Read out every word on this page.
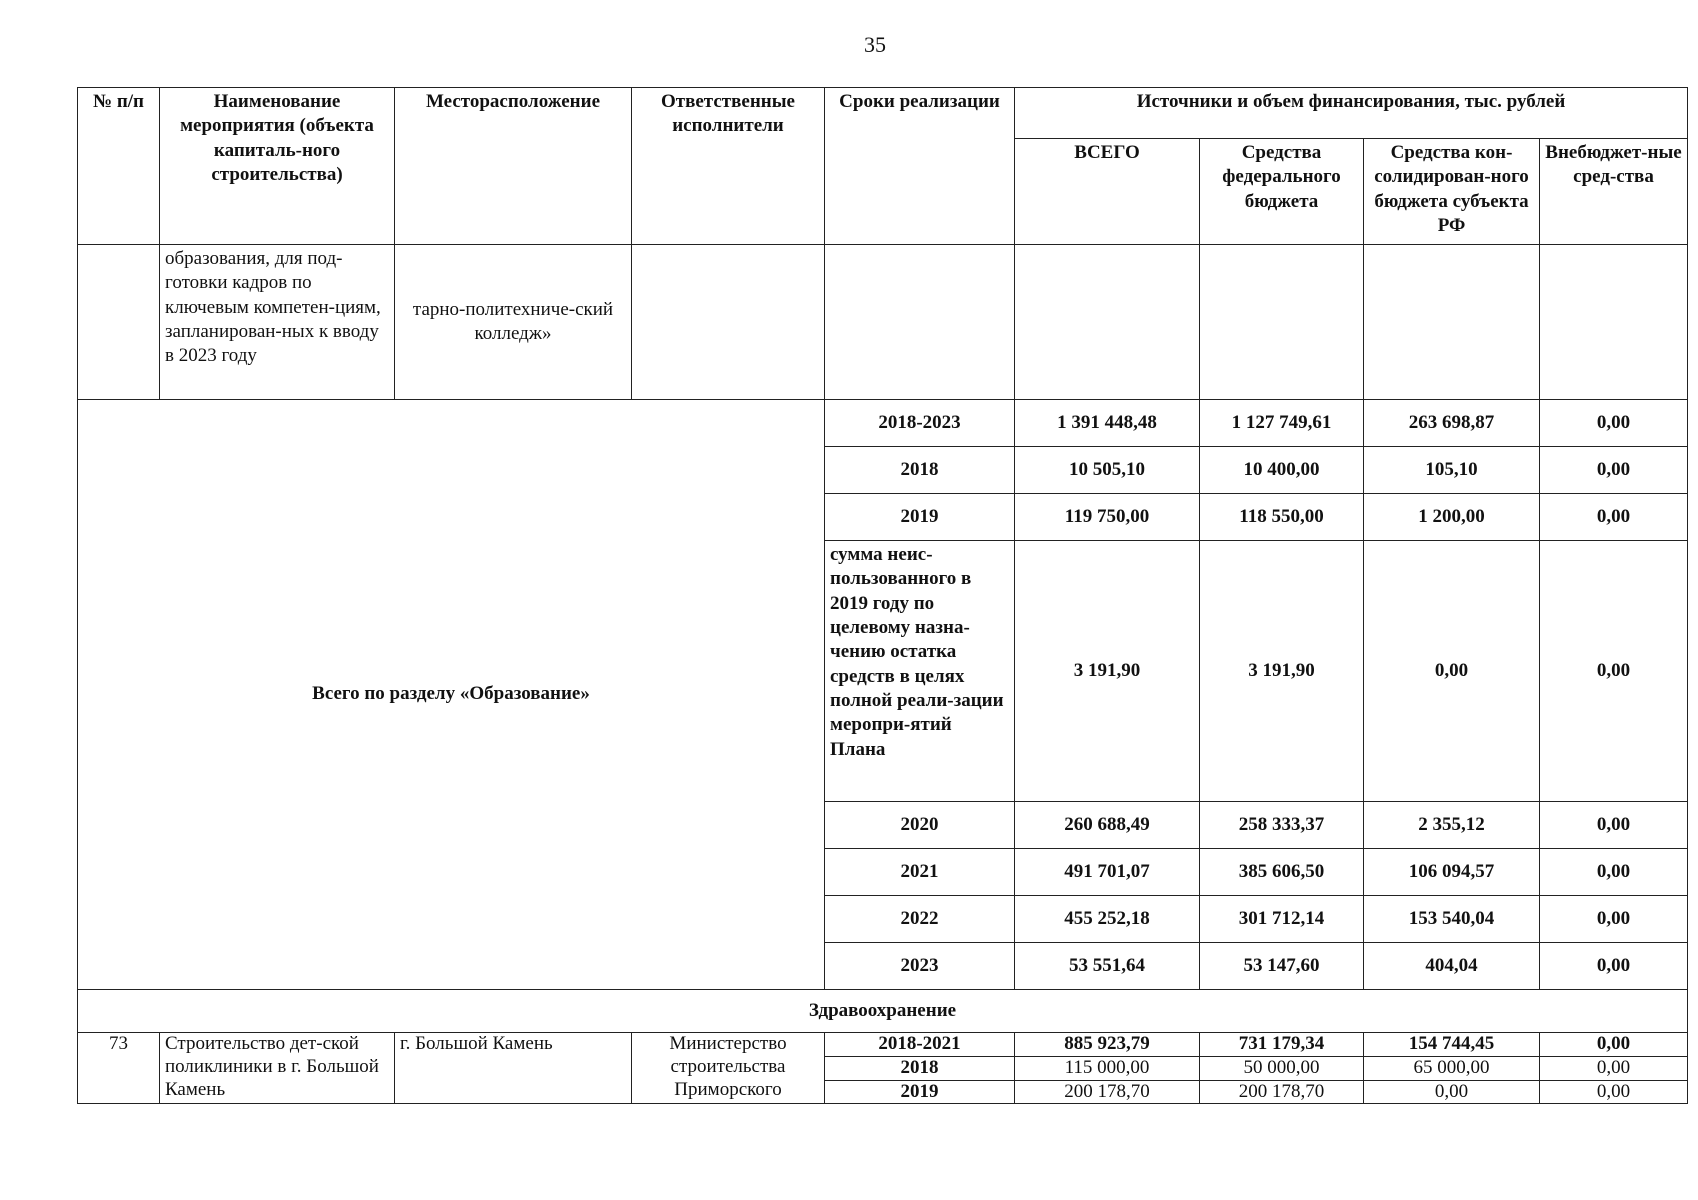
35
№ п/п	Наименование мероприятия (объекта капиталь-ного строительства)	Месторасположение	Ответственные исполнители	Сроки реализации	Источники и объем финансирования, тыс. рублей			
					ВСЕГО	Средства федерального бюджета	Средства кон-солидирован-ного бюджета субъекта РФ	Внебюджет-ные сред-ства
	образования, для под-готовки кадров по ключевым компетен-циям, запланирован-ных к вводу в 2023 году	тарно-политехниче-ский колледж»						
Всего по разделу «Образование»				2018-2023	1 391 448,48	1 127 749,61	263 698,87	0,00
				2018	10 505,10	10 400,00	105,10	0,00
				2019	119 750,00	118 550,00	1 200,00	0,00
				сумма неис-пользованного в 2019 году по целевому назна-чению остатка средств в целях полной реали-зации меропри-ятий Плана	3 191,90	3 191,90	0,00	0,00
				2020	260 688,49	258 333,37	2 355,12	0,00
				2021	491 701,07	385 606,50	106 094,57	0,00
				2022	455 252,18	301 712,14	153 540,04	0,00
				2023	53 551,64	53 147,60	404,04	0,00
Здравоохранение								
73	Строительство дет-ской поликлиники в г. Большой Камень	г. Большой Камень	Министерство строительства Приморского	2018-2021	885 923,79	731 179,34	154 744,45	0,00
				2018	115 000,00	50 000,00	65 000,00	0,00
				2019	200 178,70	200 178,70	0,00	0,00
